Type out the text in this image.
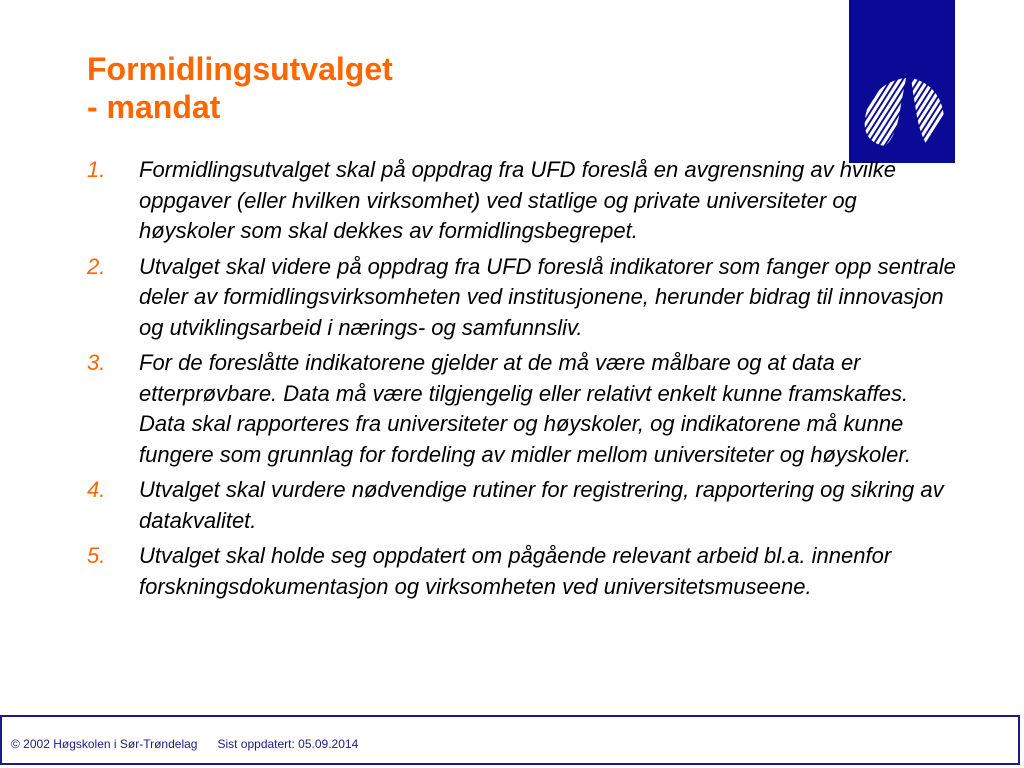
Formidlingsutvalget
- mandat
1. Formidlingsutvalget skal på oppdrag fra UFD foreslå en avgrensning av hvilke oppgaver (eller hvilken virksomhet) ved statlige og private universiteter og høyskoler som skal dekkes av formidlingsbegrepet.
2. Utvalget skal videre på oppdrag fra UFD foreslå indikatorer som fanger opp sentrale deler av formidlingsvirksomheten ved institusjonene, herunder bidrag til innovasjon og utviklingsarbeid i nærings- og samfunnsliv.
3. For de foreslåtte indikatorene gjelder at de må være målbare og at data er etterprøvbare. Data må være tilgjengelig eller relativt enkelt kunne framskaffes. Data skal rapporteres fra universiteter og høyskoler, og indikatorene må kunne fungere som grunnlag for fordeling av midler mellom universiteter og høyskoler.
4. Utvalget skal vurdere nødvendige rutiner for registrering, rapportering og sikring av datakvalitet.
5. Utvalget skal holde seg oppdatert om pågående relevant arbeid bl.a. innenfor forskningsdokumentasjon og virksomheten ved universitetsmuseene.
© 2002 Høgskolen i Sør-Trøndelag Sist oppdatert: 05.09.2014
